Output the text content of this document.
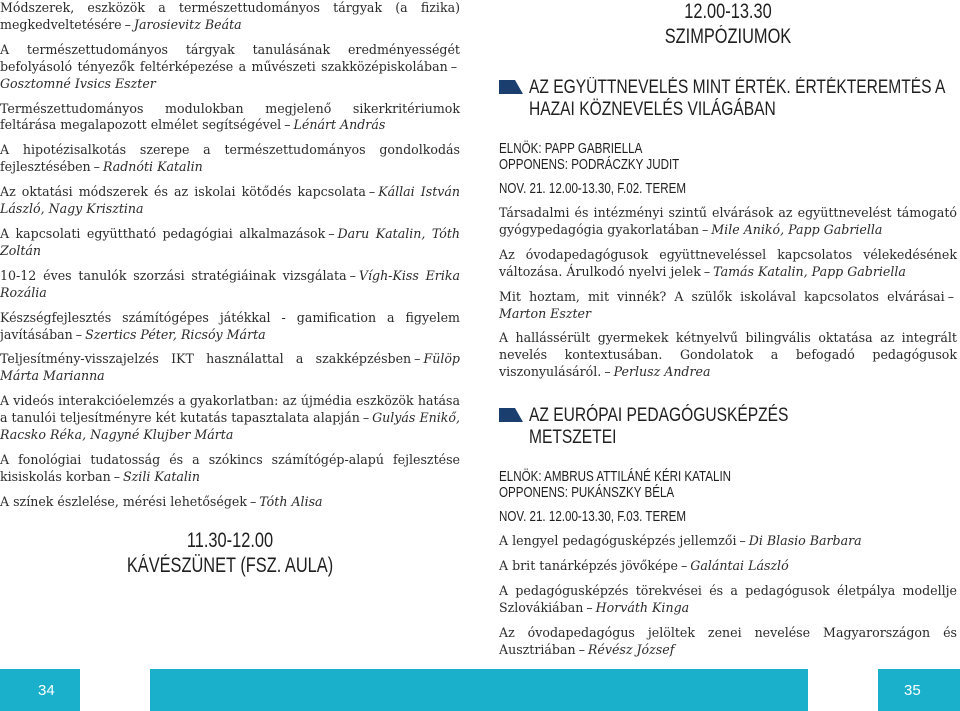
Módszerek, eszközök a természettudományos tárgyak (a fizika) megkedveltetésére – Jarosievitz Beáta

A természettudományos tárgyak tanulásának eredményességét befolyásoló tényezők feltérképezése a művészeti szakközépiskolában –Gosztomné Ivsics Eszter

Természettudományos modulokban megjelenő sikerkritériumok feltárása megalapozott elmélet segítségével – Lénárt András

A hipotézisalkotás szerepe a természettudományos gondolkodás fejlesztésében – Radnóti Katalin

Az oktatási módszerek és az iskolai kötődés kapcsolata – Kállai István László, Nagy Krisztina

A kapcsolati együttható pedagógiai alkalmazások – Daru Katalin, Tóth Zoltán

10-12 éves tanulók szorzási stratégiáinak vizsgálata – Vígh-Kiss Erika Rozália

Készségfejlesztés számítógépes játékkal - gamification a figyelem javításában – Szertics Péter, Ricsóy Márta

Teljesítmény-visszajelzés IKT használattal a szakképzésben – Fülöp Márta Marianna

A videós interakcióelemzés a gyakorlatban: az újmédia eszközök hatása a tanulói teljesítményre két kutatás tapasztalata alapján – Gulyás Enikő, Racsko Réka, Nagyné Klujber Márta

A fonológiai tudatosság és a szókincs számítógép-alapú fejlesztése kisiskolás korban – Szili Katalin

A színek észlelése, mérési lehetőségek – Tóth Alisa

11.30-12.00
KÁVÉSZÜNET (FSZ. AULA)
12.00-13.30
SZIMPÓZIUMOK
AZ EGYÜTTNEVELÉS MINT ÉRTÉK. ÉRTÉKTEREMTÉS A HAZAI KÖZNEVELÉS VILÁGÁBAN

ELNÖK: PAPP GABRIELLA

OPPONENS: PODRÁCZKY JUDIT

NOV. 21. 12.00-13.30, F.02. TEREM

Társadalmi és intézményi szintű elvárások az együttnevelést támogató gyógypedagógia gyakorlatában – Mile Anikó, Papp Gabriella

Az óvodapedagógusok együttneveléssel kapcsolatos vélekedésének változása. Árulkodó nyelvi jelek – Tamás Katalin, Papp Gabriella

Mit hoztam, mit vinnék? A szülők iskolával kapcsolatos elvárásai –Marton Eszter

A hallássérült gyermekek kétnyelvű bilingvális oktatása az integrált nevelés kontextusában. Gondolatok a befogadó pedagógusok viszonyulásáról. – Perlusz Andrea

AZ EURÓPAI PEDAGÓGUSKÉPZÉS METSZETEI

ELNÖK: AMBRUS ATTILÁNÉ KÉRI KATALIN

OPPONENS: PUKÁNSZKY BÉLA

NOV. 21. 12.00-13.30, F.03. TEREM

A lengyel pedagógusképzés jellemzői – Di Blasio Barbara

A brit tanárképzés jövőképe – Galántai László

A pedagógusképzés törekvései és a pedagógusok életpálya modellje Szlovákiában – Horváth Kinga

Az óvodapedagógus jelöltek zenei nevelése Magyarországon és Ausztriában – Révész József

34	35
